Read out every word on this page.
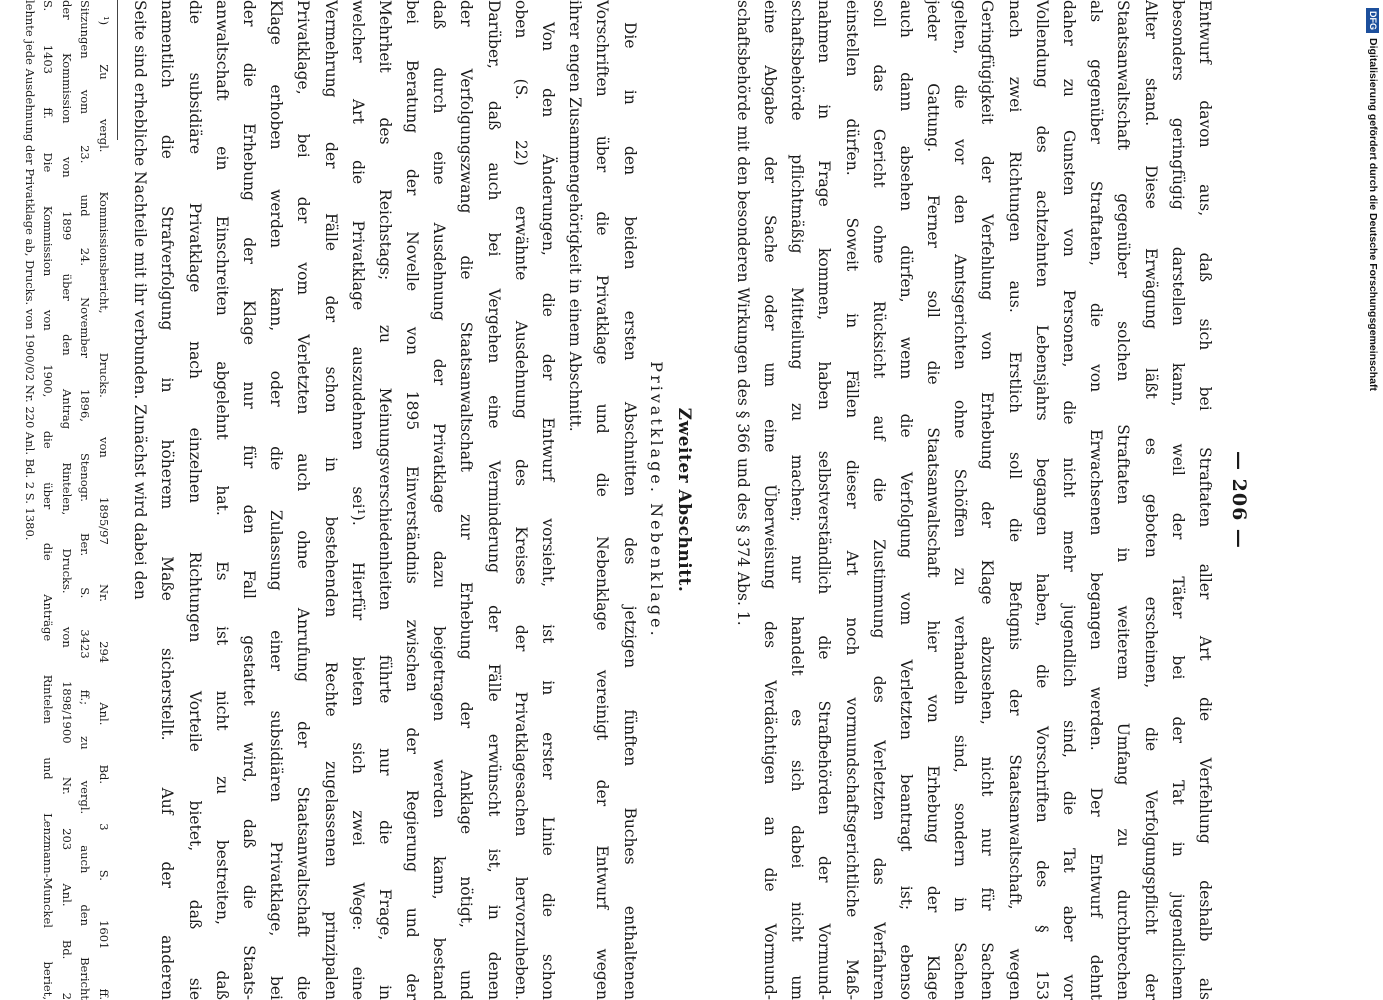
— 206 —
Entwurf davon aus, daß sich bei Straftaten aller Art die Verfehlung deshalb als
besonders geringfügig darstellen kann, weil der Täter bei der Tat in jugendlichem
Alter stand. Diese Erwägung läßt es geboten erscheinen, die Verfolgungspflicht der
Staatsanwaltschaft gegenüber solchen Straftaten in weiterem Umfang zu durchbrechen
als gegenüber Straftaten, die von Erwachsenen begangen werden. Der Entwurf dehnt
daher zu Gunsten von Personen, die nicht mehr jugendlich sind, die Tat aber vor
Vollendung des achtzehnten Lebensjahrs begangen haben, die Vorschriften des § 153
nach zwei Richtungen aus. Erstlich soll die Befugnis der Staatsanwaltschaft, wegen
Geringfügigkeit der Verfehlung von Erhebung der Klage abzusehen, nicht nur für Sachen
gelten, die vor den Amtsgerichten ohne Schöffen zu verhandeln sind, sondern in Sachen
jeder Gattung. Ferner soll die Staatsanwaltschaft hier von Erhebung der Klage
auch dann absehen dürfen, wenn die Verfolgung vom Verletzten beantragt ist; ebenso
soll das Gericht ohne Rücksicht auf die Zustimmung des Verletzten das Verfahren
einstellen dürfen. Soweit in Fällen dieser Art noch vormundschaftsgerichtliche Maß-
nahmen in Frage kommen, haben selbstverständlich die Strafbehörden der Vormund-
schaftsbehörde pflichtmäßig Mitteilung zu machen; nur handelt es sich dabei nicht um
eine Abgabe der Sache oder um eine Überweisung des Verdächtigen an die Vormund-
schaftsbehörde mit den besonderen Wirkungen des § 366 und des § 374 Abs. 1.
Zweiter Abschnitt.
Privatklage. Nebenklage.
Die in den beiden ersten Abschnitten des jetzigen fünften Buches enthaltenen
Vorschriften über die Privatklage und die Nebenklage vereinigt der Entwurf wegen
ihrer engen Zusammengehörigkeit in einem Abschnitt.
Von den Änderungen, die der Entwurf vorsieht, ist in erster Linie die schon
oben (S. 22) erwähnte Ausdehnung des Kreises der Privatklagesachen hervorzuheben.
Darüber, daß auch bei Vergehen eine Verminderung der Fälle erwünscht ist, in denen
der Verfolgungszwang die Staatsanwaltschaft zur Erhebung der Anklage nötigt, und
daß durch eine Ausdehnung der Privatklage dazu beigetragen werden kann, bestand
bei Beratung der Novelle von 1895 Einverständnis zwischen der Regierung und der
Mehrheit des Reichstags; zu Meinungsverschiedenheiten führte nur die Frage, in
welcher Art die Privatklage auszudehnen sei¹). Hierfür bieten sich zwei Wege: eine
Vermehrung der Fälle der schon in bestehenden Rechte zugelassenen prinzipalen
Privatklage, bei der vom Verletzten auch ohne Anrufung der Staatsanwaltschaft die
Klage erhoben werden kann, oder die Zulassung einer subsidiären Privatklage, bei
der die Erhebung der Klage nur für den Fall gestattet wird, daß die Staats-
anwaltschaft ein Einschreiten abgelehnt hat. Es ist nicht zu bestreiten, daß
die subsidiäre Privatklage nach einzelnen Richtungen Vorteile bietet, daß sie
namentlich die Strafverfolgung in höherem Maße sicherstellt. Auf der anderen
Seite sind erhebliche Nachteile mit ihr verbunden. Zunächst wird dabei den
¹) Zu vergl. Kommissionsbericht, Drucks. von 1895/97 Nr. 294 Anl. Bd. 3 S. 1601 ff.
Sitzungen vom 23. und 24. November 1896, Stenogr. Ber. S. 3423 ff.; zu vergl. auch den Bericht
der Kommission von 1899 über den Antrag Rintelen, Drucks. von 1898/1900 Nr. 203 Anl. Bd. 2
S. 1403 ff. Die Kommission von 1900, die über die Anträge Rintelen und Lenzmann-Munckel beriet,
lehnte jede Ausdehnung der Privatklage ab, Drucks. von 1900/02 Nr. 220 Anl. Bd. 2 S. 1380.	DFG
Digitalisierung gefördert durch die Deutsche Forschungsgemeinschaft
